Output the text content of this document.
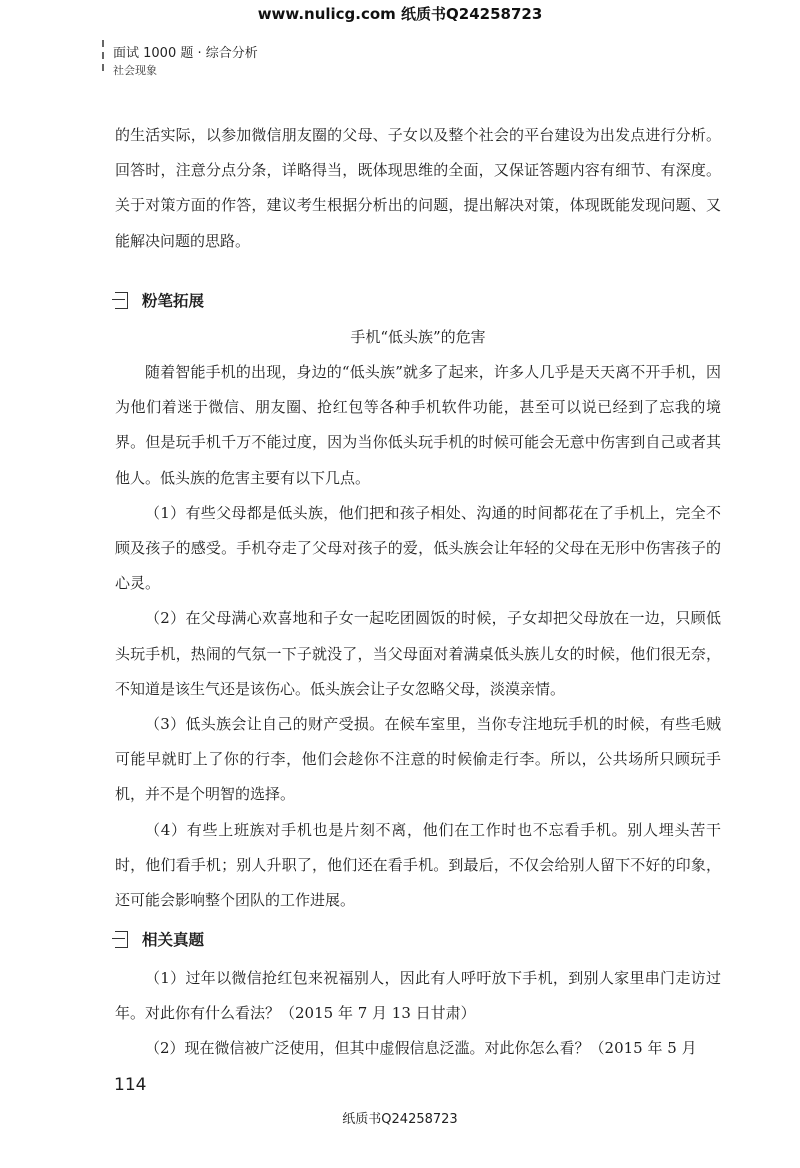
www.nulicg.com 纸质书Q24258723
面试 1000 题 · 综合分析
社会现象

的生活实际，以参加微信朋友圈的父母、子女以及整个社会的平台建设为出发点进行分析。回答时，注意分点分条，详略得当，既体现思维的全面，又保证答题内容有细节、有深度。关于对策方面的作答，建议考生根据分析出的问题，提出解决对策，体现既能发现问题、又能解决问题的思路。

粉笔拓展
手机“低头族”的危害

随着智能手机的出现，身边的“低头族”就多了起来，许多人几乎是天天离不开手机，因为他们着迷于微信、朋友圈、抢红包等各种手机软件功能，甚至可以说已经到了忘我的境界。但是玩手机千万不能过度，因为当你低头玩手机的时候可能会无意中伤害到自己或者其他人。低头族的危害主要有以下几点。

（1）有些父母都是低头族，他们把和孩子相处、沟通的时间都花在了手机上，完全不顾及孩子的感受。手机夺走了父母对孩子的爱，低头族会让年轻的父母在无形中伤害孩子的心灵。

（2）在父母满心欢喜地和子女一起吃团圆饭的时候，子女却把父母放在一边，只顾低头玩手机，热闹的气氛一下子就没了，当父母面对着满桌低头族儿女的时候，他们很无奈，不知道是该生气还是该伤心。低头族会让子女忽略父母，淡漠亲情。

（3）低头族会让自己的财产受损。在候车室里，当你专注地玩手机的时候，有些毛贼可能早就盯上了你的行李，他们会趁你不注意的时候偷走行李。所以，公共场所只顾玩手机，并不是个明智的选择。

（4）有些上班族对手机也是片刻不离，他们在工作时也不忘看手机。别人埋头苦干时，他们看手机；别人升职了，他们还在看手机。到最后，不仅会给别人留下不好的印象，还可能会影响整个团队的工作进展。

相关真题

（1）过年以微信抢红包来祝福别人，因此有人呼吁放下手机，到别人家里串门走访过年。对此你有什么看法？（2015 年 7 月 13 日甘肃）

（2）现在微信被广泛使用，但其中虚假信息泛滥。对此你怎么看？（2015 年 5 月

114
纸质书Q24258723
